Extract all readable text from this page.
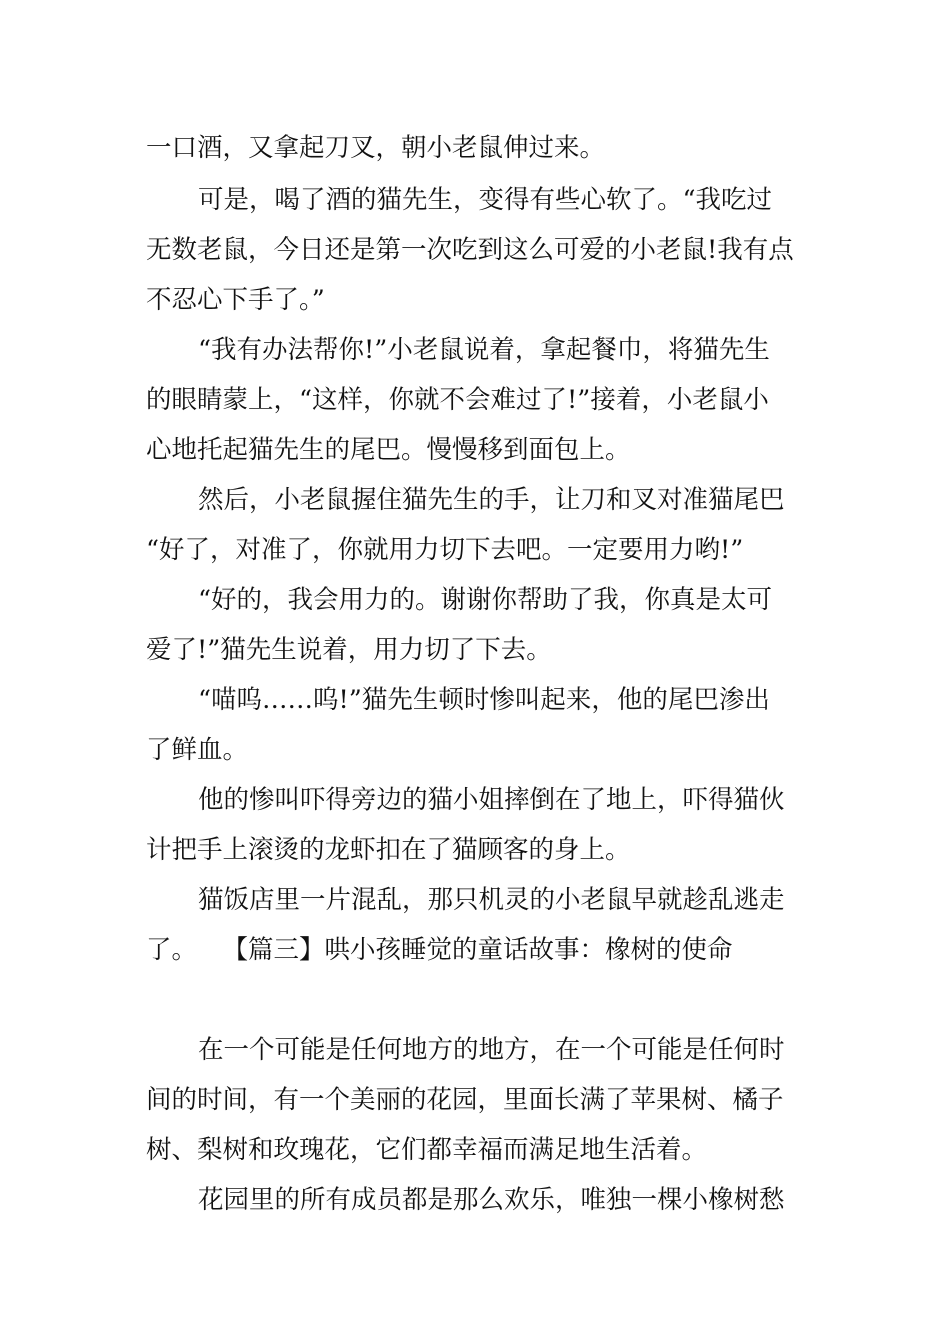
一口酒，又拿起刀叉，朝小老鼠伸过来。

可是，喝了酒的猫先生，变得有些心软了。“我吃过

无数老鼠，今日还是第一次吃到这么可爱的小老鼠!我有点

不忍心下手了。”

“我有办法帮你!”小老鼠说着，拿起餐巾，将猫先生

的眼睛蒙上，“这样，你就不会难过了!”接着，小老鼠小

心地托起猫先生的尾巴。慢慢移到面包上。

然后，小老鼠握住猫先生的手，让刀和叉对准猫尾巴

“好了，对准了，你就用力切下去吧。一定要用力哟!”

“好的，我会用力的。谢谢你帮助了我，你真是太可

爱了!”猫先生说着，用力切了下去。

“喵呜……呜!”猫先生顿时惨叫起来，他的尾巴渗出

了鲜血。

他的惨叫吓得旁边的猫小姐摔倒在了地上，吓得猫伙

计把手上滚烫的龙虾扣在了猫顾客的身上。

猫饭店里一片混乱，那只机灵的小老鼠早就趁乱逃走

了。　　【篇三】哄小孩睡觉的童话故事：橡树的使命

在一个可能是任何地方的地方，在一个可能是任何时

间的时间，有一个美丽的花园，里面长满了苹果树、橘子

树、梨树和玫瑰花，它们都幸福而满足地生活着。

花园里的所有成员都是那么欢乐，唯独一棵小橡树愁
